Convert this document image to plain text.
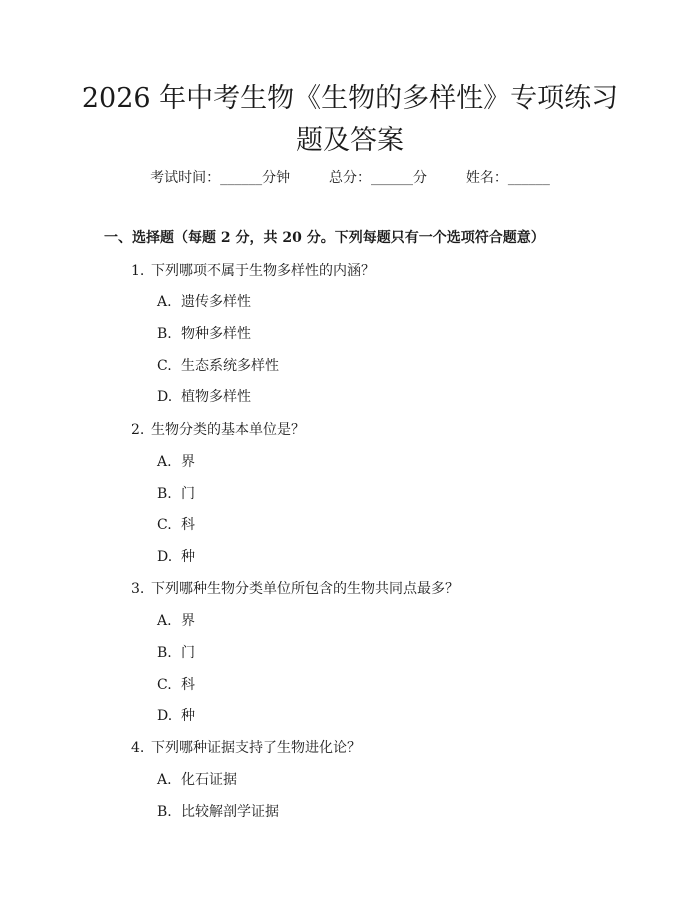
2026 年中考生物《生物的多样性》专项练习
题及答案
考试时间：______分钟	总分：______分	姓名：______
一、选择题（每题 2 分，共 20 分。下列每题只有一个选项符合题意）
1. 下列哪项不属于生物多样性的内涵？
A. 遗传多样性
B. 物种多样性
C. 生态系统多样性
D. 植物多样性
2. 生物分类的基本单位是？
A. 界
B. 门
C. 科
D. 种
3. 下列哪种生物分类单位所包含的生物共同点最多？
A. 界
B. 门
C. 科
D. 种
4. 下列哪种证据支持了生物进化论？
A. 化石证据
B. 比较解剖学证据
